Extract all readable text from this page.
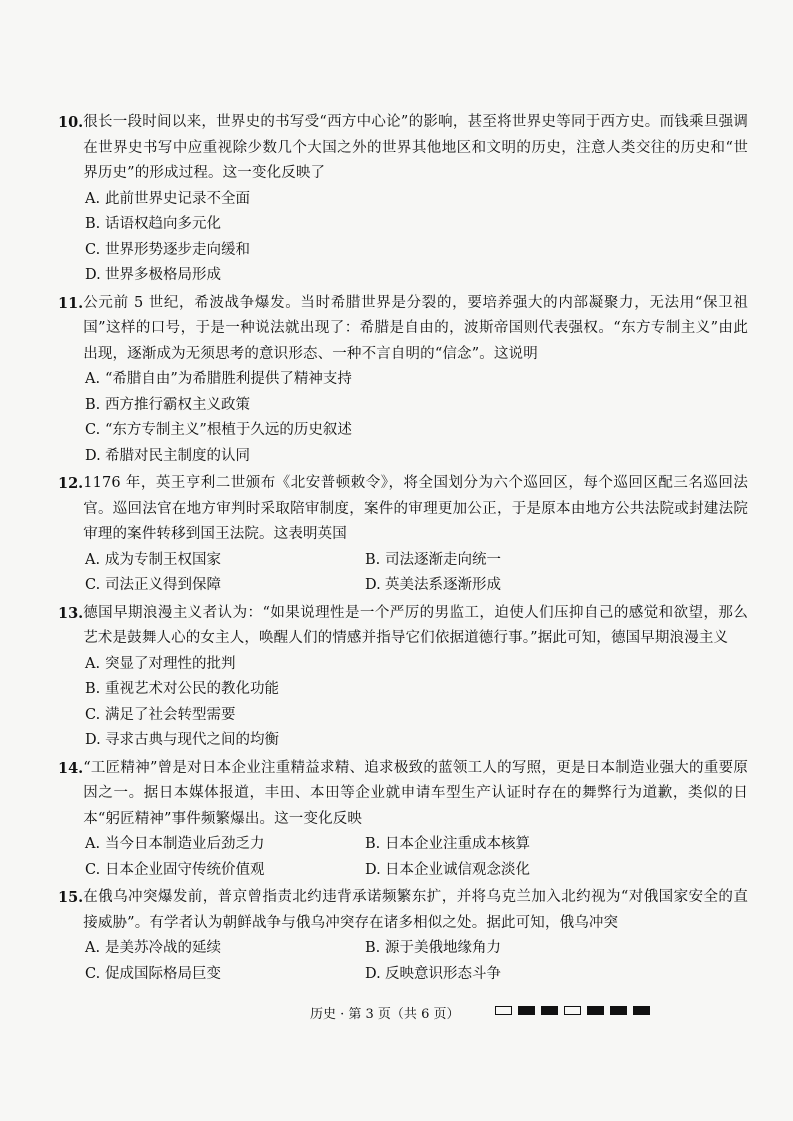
10. 很长一段时间以来，世界史的书写受“西方中心论”的影响，甚至将世界史等同于西方史。而钱乘旦强调在世界史书写中应重视除少数几个大国之外的世界其他地区和文明的历史，注意人类交往的历史和“世界历史”的形成过程。这一变化反映了
A. 此前世界史记录不全面
B. 话语权趋向多元化
C. 世界形势逐步走向缓和
D. 世界多极格局形成
11. 公元前 5 世纪，希波战争爆发。当时希腊世界是分裂的，要培养强大的内部凝聚力，无法用“保卫祖国”这样的口号，于是一种说法就出现了：希腊是自由的，波斯帝国则代表强权。“东方专制主义”由此出现，逐渐成为无须思考的意识形态、一种不言自明的“信念”。这说明
A. “希腊自由”为希腊胜利提供了精神支持
B. 西方推行霸权主义政策
C. “东方专制主义”根植于久远的历史叙述
D. 希腊对民主制度的认同
12. 1176 年，英王亨利二世颁布《北安普顿敕令》，将全国划分为六个巡回区，每个巡回区配三名巡回法官。巡回法官在地方审判时采取陪审制度，案件的审理更加公正，于是原本由地方公共法院或封建法院审理的案件转移到国王法院。这表明英国
A. 成为专制王权国家	B. 司法逐渐走向统一
C. 司法正义得到保障	D. 英美法系逐渐形成
13. 德国早期浪漫主义者认为：“如果说理性是一个严厉的男监工，迫使人们压抑自己的感觉和欲望，那么艺术是鼓舞人心的女主人，唤醒人们的情感并指导它们依据道德行事。”据此可知，德国早期浪漫主义
A. 突显了对理性的批判
B. 重视艺术对公民的教化功能
C. 满足了社会转型需要
D. 寻求古典与现代之间的均衡
14. “工匠精神”曾是对日本企业注重精益求精、追求极致的蓝领工人的写照，更是日本制造业强大的重要原因之一。据日本媒体报道，丰田、本田等企业就申请车型生产认证时存在的舞弊行为道歉，类似的日本“躬匠精神”事件频繁爆出。这一变化反映
A. 当今日本制造业后劲乏力	B. 日本企业注重成本核算
C. 日本企业固守传统价值观	D. 日本企业诚信观念淡化
15. 在俄乌冲突爆发前，普京曾指责北约违背承诺频繁东扩，并将乌克兰加入北约视为“对俄国家安全的直接威胁”。有学者认为朝鲜战争与俄乌冲突存在诸多相似之处。据此可知，俄乌冲突
A. 是美苏冷战的延续	B. 源于美俄地缘角力
C. 促成国际格局巨变	D. 反映意识形态斗争
历史 · 第 3 页（共 6 页）
